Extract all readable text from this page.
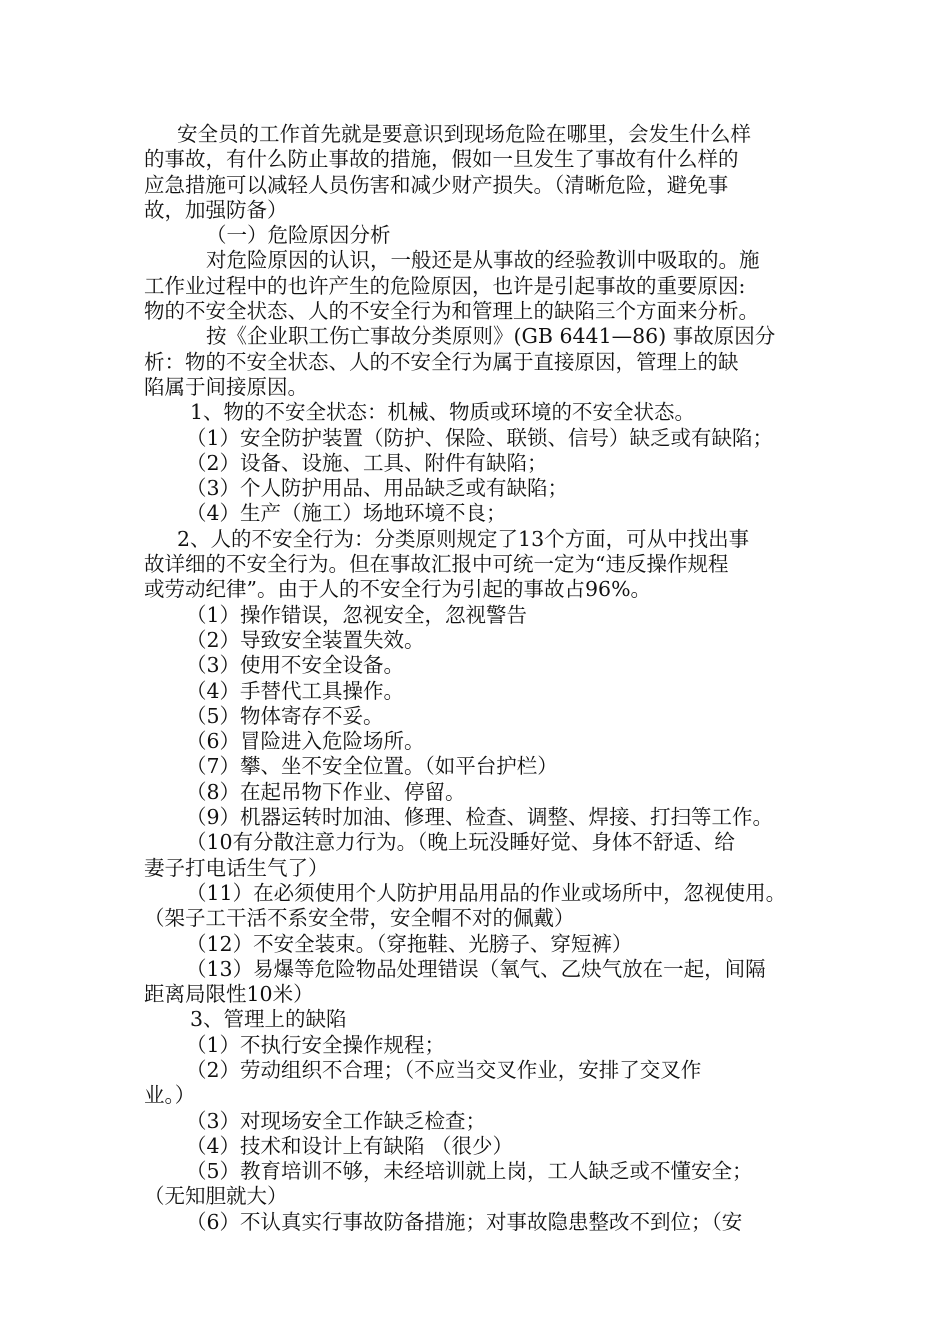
安全员的工作首先就是要意识到现场危险在哪里，会发生什么样
的事故，有什么防止事故的措施，假如一旦发生了事故有什么样的
应急措施可以减轻人员伤害和减少财产损失。（清晰危险，避免事
故，加强防备）
（一）危险原因分析
对危险原因的认识，一般还是从事故的经验教训中吸取的。施
工作业过程中的也许产生的危险原因，也许是引起事故的重要原因:
物的不安全状态、人的不安全行为和管理上的缺陷三个方面来分析。
按《企业职工伤亡事故分类原则》(GB 6441—86) 事故原因分
析：物的不安全状态、人的不安全行为属于直接原因，管理上的缺
陷属于间接原因。
1、物的不安全状态：机械、物质或环境的不安全状态。
（1）安全防护装置（防护、保险、联锁、信号）缺乏或有缺陷；
（2）设备、设施、工具、附件有缺陷；
（3）个人防护用品、用品缺乏或有缺陷；
（4）生产（施工）场地环境不良；
2、人的不安全行为：分类原则规定了13个方面，可从中找出事
故详细的不安全行为。但在事故汇报中可统一定为“违反操作规程
或劳动纪律”。由于人的不安全行为引起的事故占96%。
（1）操作错误，忽视安全，忽视警告
（2）导致安全装置失效。
（3）使用不安全设备。
（4）手替代工具操作。
（5）物体寄存不妥。
（6）冒险进入危险场所。
（7）攀、坐不安全位置。（如平台护栏）
（8）在起吊物下作业、停留。
（9）机器运转时加油、修理、检查、调整、焊接、打扫等工作。
（10有分散注意力行为。（晚上玩没睡好觉、身体不舒适、给
妻子打电话生气了）
（11）在必须使用个人防护用品用品的作业或场所中，忽视使用。
（架子工干活不系安全带，安全帽不对的佩戴）
（12）不安全装束。（穿拖鞋、光膀子、穿短裤）
（13）易爆等危险物品处理错误（氧气、乙炔气放在一起，间隔
距离局限性10米）
3、管理上的缺陷
（1）不执行安全操作规程；
（2）劳动组织不合理；（不应当交叉作业，安排了交叉作
业。）
（3）对现场安全工作缺乏检查；
（4）技术和设计上有缺陷 （很少）
（5）教育培训不够，未经培训就上岗，工人缺乏或不懂安全；
（无知胆就大）
（6）不认真实行事故防备措施；对事故隐患整改不到位；（安
